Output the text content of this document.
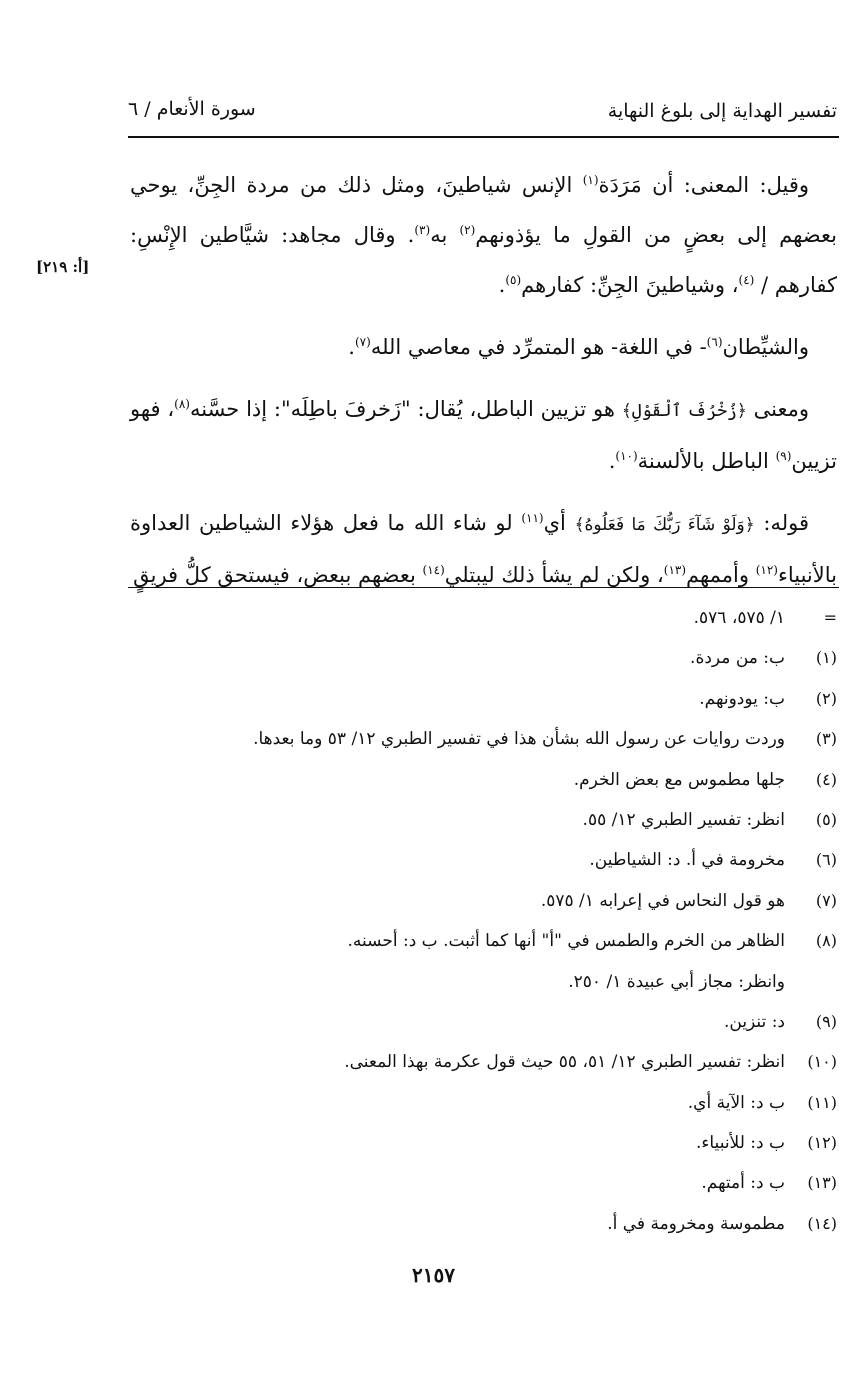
تفسير الهداية إلى بلوغ النهاية
سورة الأنعام / ٦
[أ: ٢١٩]

وقيل: المعنى: أن مَرَدَة$^{(١)}$ الإنس شياطينَ، ومثل ذلك من مردة الجِنِّ، يوحي بعضهم إلى بعضٍ من القولِ ما يؤذونهم$^{(٢)}$ به$^{(٣)}$. وقال مجاهد: شيَّاطين الإِنْسِ: كفارهم / $^{(٤)}$، وشياطينَ الجِنِّ: كفارهم$^{(٥)}$.

والشيِّطان$^{(٦)}$- في اللغة- هو المتمرِّد في معاصي الله$^{(٧)}$.

ومعنى ﴿زُخْرُفَ ٱلْقَوْلِ﴾ هو تزيين الباطل، يُقال: "زَخرفَ باطِلَه": إذا حسَّنه$^{(٨)}$، فهو تزيين$^{(٩)}$ الباطل بالألسنة$^{(١٠)}$.

قوله: ﴿وَلَوْ شَآءَ رَبُّكَ مَا فَعَلُوهُ﴾ أي$^{(١١)}$ لو شاء الله ما فعل هؤلاء الشياطين العداوة بالأنبياء$^{(١٢)}$ وأممهم$^{(١٣)}$، ولكن لم يشأ ذلك ليبتلي$^{(١٤)}$ بعضهم ببعض، فيستحق كلُّ فريقٍ

=
١/ ٥٧٥، ٥٧٦.
(١)
ب: من مردة.
(٢)
ب: يودونهم.
(٣)
وردت روايات عن رسول الله بشأن هذا في تفسير الطبري ١٢/ ٥٣ وما بعدها.
(٤)
جلها مطموس مع بعض الخرم.
(٥)
انظر: تفسير الطبري ١٢/ ٥٥.
(٦)
مخرومة في أ. د: الشياطين.
(٧)
هو قول النحاس في إعرابه ١/ ٥٧٥.
(٨)
الظاهر من الخرم والطمس في "أ" أنها كما أثبت. ب د: أحسنه.
وانظر: مجاز أبي عبيدة ١/ ٢٥٠.
(٩)
د: تنزين.
(١٠)
انظر: تفسير الطبري ١٢/ ٥١، ٥٥ حيث قول عكرمة بهذا المعنى.
(١١)
ب د: الآية أي.
(١٢)
ب د: للأنبياء.
(١٣)
ب د: أمتهم.
(١٤)
مطموسة ومخرومة في أ.
٢١٥٧
